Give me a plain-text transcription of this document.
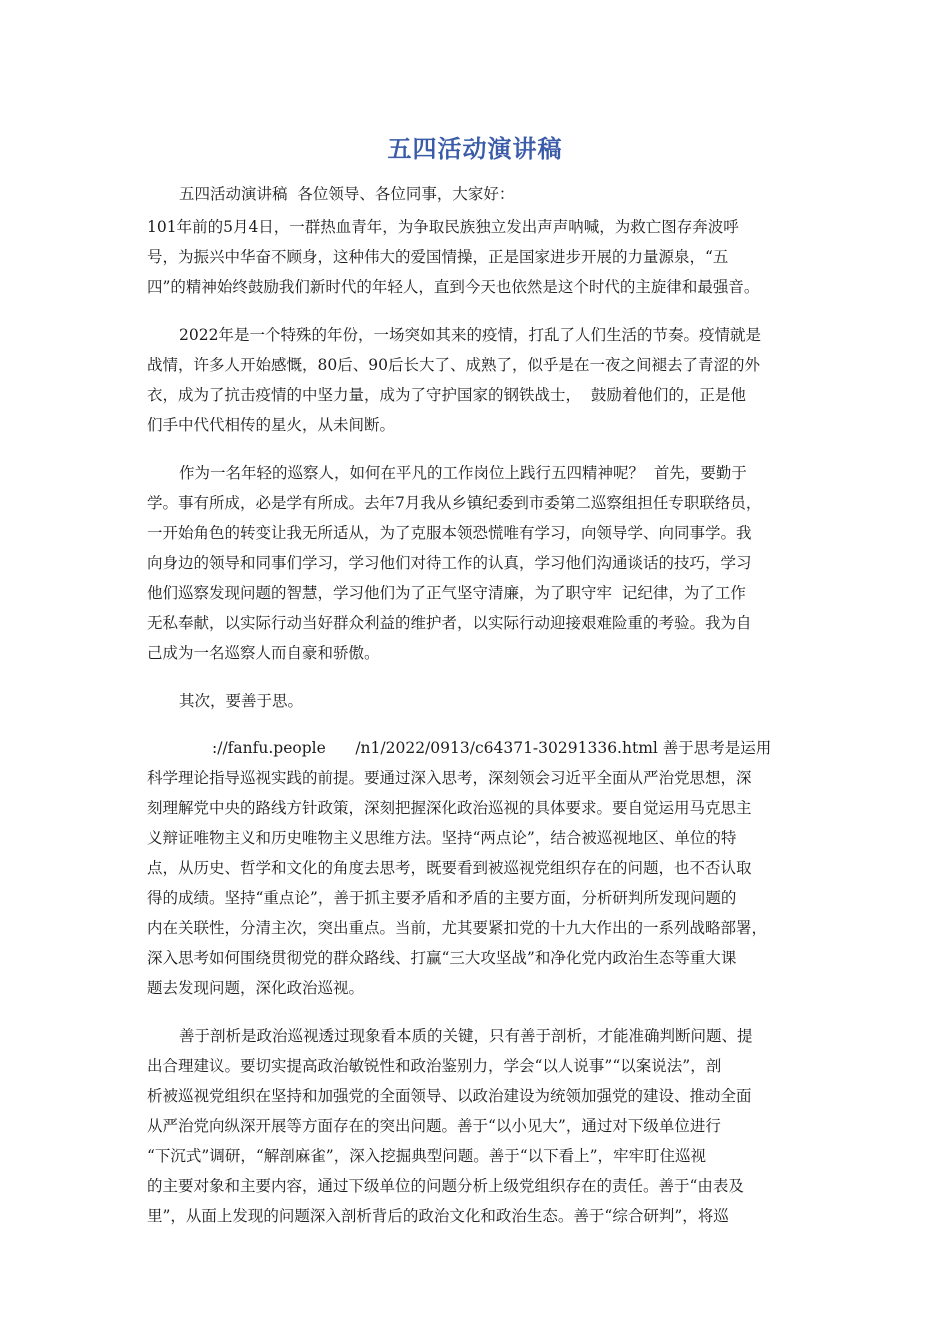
五四活动演讲稿
五四活动演讲稿  各位领导、各位同事，大家好：
101年前的5月4日，一群热血青年，为争取民族独立发出声声呐喊，为救亡图存奔波呼
号，为振兴中华奋不顾身，这种伟大的爱国情操，正是国家进步开展的力量源泉，“五
四”的精神始终鼓励我们新时代的年轻人，直到今天也依然是这个时代的主旋律和最强音。
2022年是一个特殊的年份，一场突如其来的疫情，打乱了人们生活的节奏。疫情就是
战情，许多人开始感慨，80后、90后长大了、成熟了，似乎是在一夜之间褪去了青涩的外
衣，成为了抗击疫情的中坚力量，成为了守护国家的钢铁战士，  鼓励着他们的，正是他
们手中代代相传的星火，从未间断。
作为一名年轻的巡察人，如何在平凡的工作岗位上践行五四精神呢？  首先，要勤于
学。事有所成，必是学有所成。去年7月我从乡镇纪委到市委第二巡察组担任专职联络员，
一开始角色的转变让我无所适从，为了克服本领恐慌唯有学习，向领导学、向同事学。我
向身边的领导和同事们学习，学习他们对待工作的认真，学习他们沟通谈话的技巧，学习
他们巡察发现问题的智慧，学习他们为了正气坚守清廉，为了职守牢  记纪律，为了工作
无私奉献，以实际行动当好群众利益的维护者，以实际行动迎接艰难险重的考验。我为自
己成为一名巡察人而自豪和骄傲。
其次，要善于思。
://fanfu.people      /n1/2022/0913/c64371-30291336.html 善于思考是运用
科学理论指导巡视实践的前提。要通过深入思考，深刻领会习近平全面从严治党思想，深
刻理解党中央的路线方针政策，深刻把握深化政治巡视的具体要求。要自觉运用马克思主
义辩证唯物主义和历史唯物主义思维方法。坚持“两点论”，结合被巡视地区、单位的特
点，从历史、哲学和文化的角度去思考，既要看到被巡视党组织存在的问题，也不否认取
得的成绩。坚持“重点论”，善于抓主要矛盾和矛盾的主要方面，分析研判所发现问题的
内在关联性，分清主次，突出重点。当前，尤其要紧扣党的十九大作出的一系列战略部署，
深入思考如何围绕贯彻党的群众路线、打赢“三大攻坚战”和净化党内政治生态等重大课
题去发现问题，深化政治巡视。
善于剖析是政治巡视透过现象看本质的关键，只有善于剖析，才能准确判断问题、提
出合理建议。要切实提高政治敏锐性和政治鉴别力，学会“以人说事”“以案说法”，剖
析被巡视党组织在坚持和加强党的全面领导、以政治建设为统领加强党的建设、推动全面
从严治党向纵深开展等方面存在的突出问题。善于“以小见大”，通过对下级单位进行
“下沉式”调研，“解剖麻雀”，深入挖掘典型问题。善于“以下看上”，牢牢盯住巡视
的主要对象和主要内容，通过下级单位的问题分析上级党组织存在的责任。善于“由表及
里”，从面上发现的问题深入剖析背后的政治文化和政治生态。善于“综合研判”，将巡
